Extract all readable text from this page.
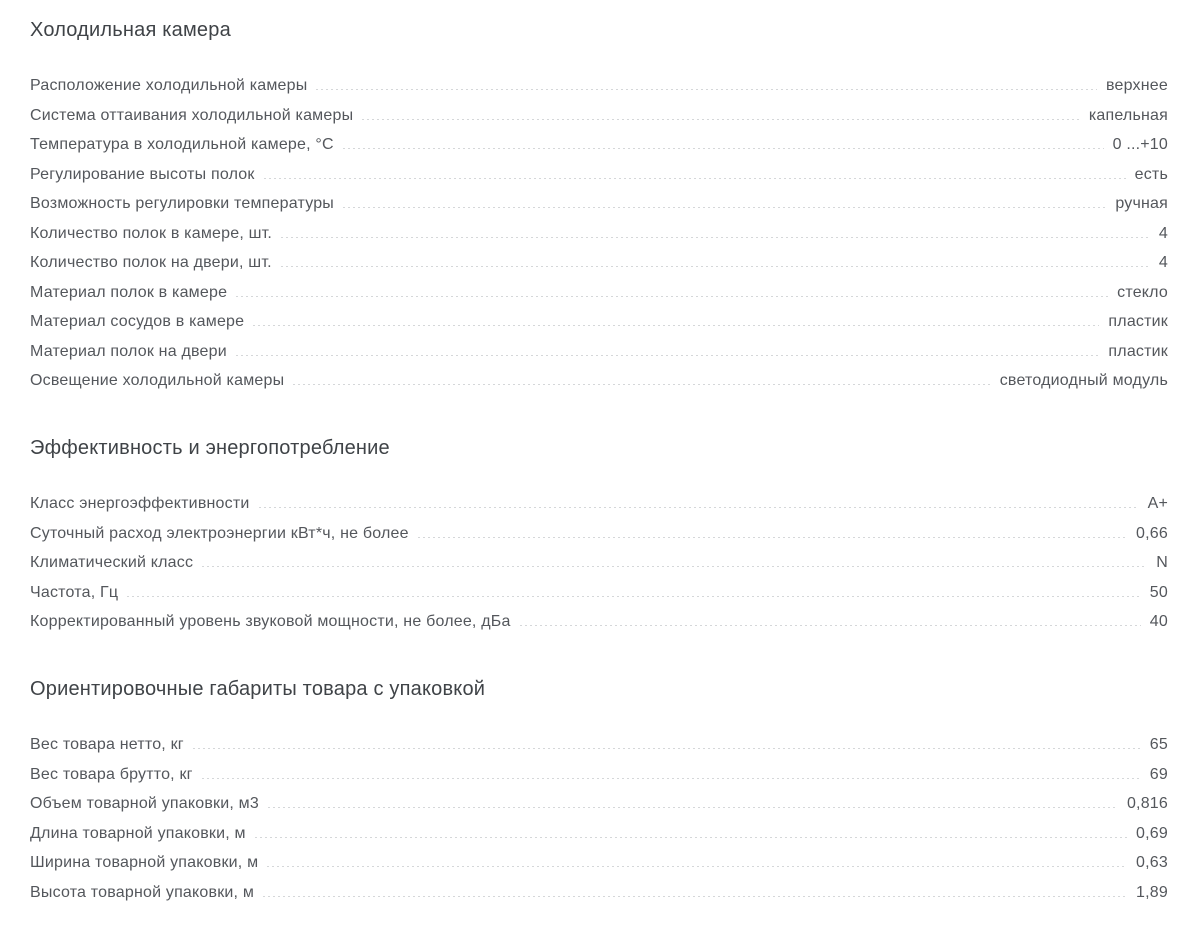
Холодильная камера
Расположение холодильной камеры	верхнее
Система оттаивания холодильной камеры	капельная
Температура в холодильной камере, °С	0 ...+10
Регулирование высоты полок	есть
Возможность регулировки температуры	ручная
Количество полок в камере, шт.	4
Количество полок на двери, шт.	4
Материал полок в камере	стекло
Материал сосудов в камере	пластик
Материал полок на двери	пластик
Освещение холодильной камеры	светодиодный модуль
Эффективность и энергопотребление
Класс энергоэффективности	A+
Суточный расход электроэнергии кВт*ч, не более	0,66
Климатический класс	N
Частота, Гц	50
Корректированный уровень звуковой мощности, не более, дБа	40
Ориентировочные габариты товара с упаковкой
Вес товара нетто, кг	65
Вес товара брутто, кг	69
Объем товарной упаковки, м3	0,816
Длина товарной упаковки, м	0,69
Ширина товарной упаковки, м	0,63
Высота товарной упаковки, м	1,89
